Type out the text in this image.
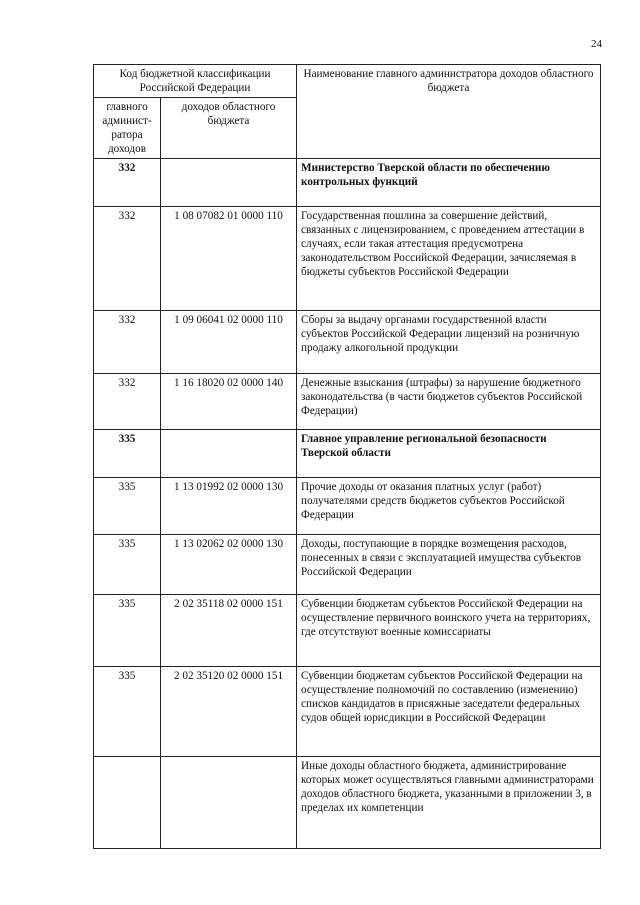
24
Код бюджетной классификации Российской Федерации		Наименование главного администратора доходов областного бюджета
главного админист-ратора доходов	доходов областного бюджета	
332		Министерство Тверской области по обеспечению контрольных функций
332	1 08 07082 01 0000 110	Государственная пошлина за совершение действий, связанных с лицензированием, с проведением аттестации в случаях, если такая аттестация предусмотрена законодательством Российской Федерации, зачисляемая в бюджеты субъектов Российской Федерации
332	1 09 06041 02 0000 110	Сборы за выдачу органами государственной власти субъектов Российской Федерации лицензий на розничную продажу алкогольной продукции
332	1 16 18020 02 0000 140	Денежные взыскания (штрафы) за нарушение бюджетного законодательства (в части бюджетов субъектов Российской Федерации)
335		Главное управление региональной безопасности Тверской области
335	1 13 01992 02 0000 130	Прочие доходы от оказания платных услуг (работ) получателями средств бюджетов субъектов Российской Федерации
335	1 13 02062 02 0000 130	Доходы, поступающие в порядке возмещения расходов, понесенных в связи с эксплуатацией имущества субъектов Российской Федерации
335	2 02 35118 02 0000 151	Субвенции бюджетам субъектов Российской Федерации на осуществление первичного воинского учета на территориях, где отсутствуют военные комиссариаты
335	2 02 35120 02 0000 151	Субвенции бюджетам субъектов Российской Федерации на осуществление полномочий по составлению (изменению) списков кандидатов в присяжные заседатели федеральных судов общей юрисдикции в Российской Федерации
		Иные доходы областного бюджета, администрирование которых может осуществляться главными администраторами доходов областного бюджета, указанными в приложении 3, в пределах их компетенции
